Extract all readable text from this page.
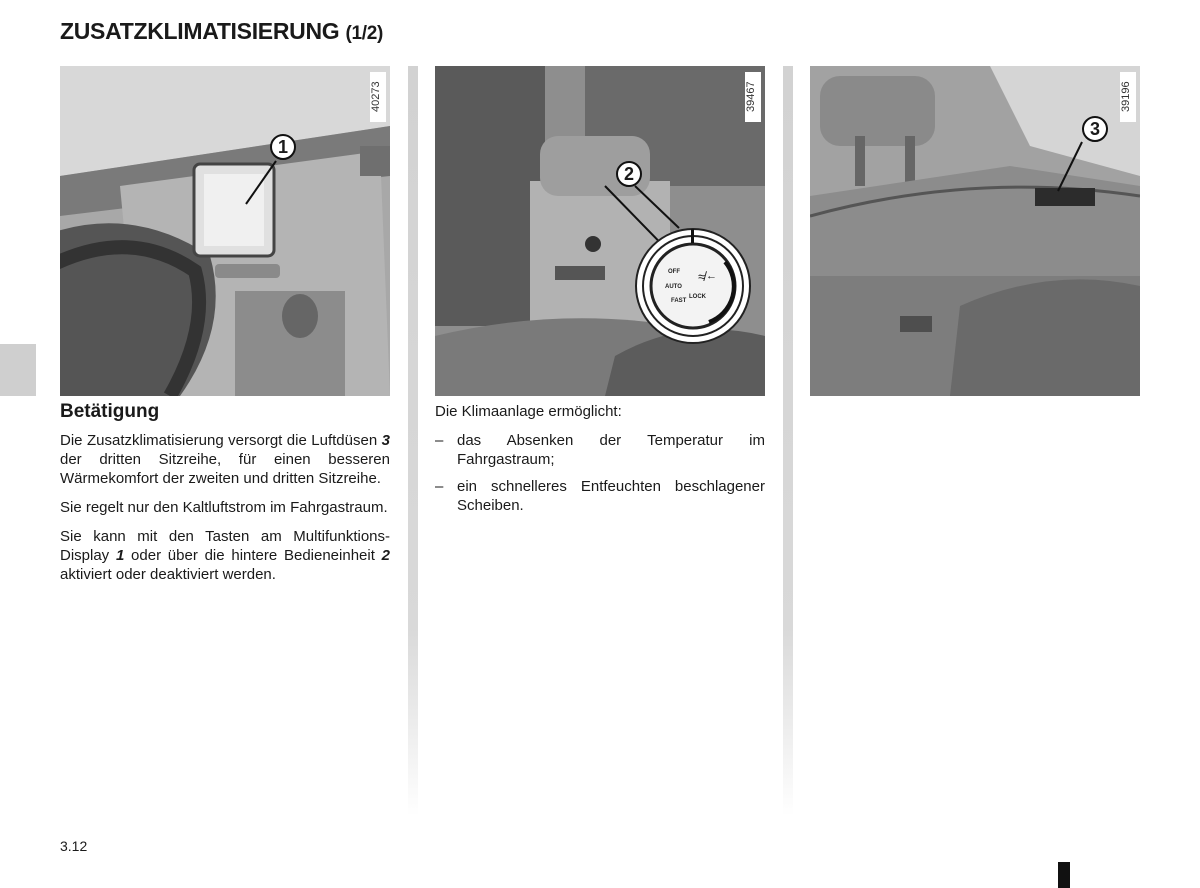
ZUSATZKLIMATISIERUNG (1/2)
1
40273
OFF
AUTO
FAST
LOCK
≉ ←
2
39467
3
39196
Betätigung

Die Zusatzklimatisierung versorgt die Luftdüsen 3 der dritten Sitzreihe, für einen besseren Wärmekomfort der zweiten und dritten Sitzreihe.

Sie regelt nur den Kaltluftstrom im Fahrgastraum.

Sie kann mit den Tasten am Multifunktions-Display 1 oder über die hintere Bedieneinheit 2 aktiviert oder deaktiviert werden.

Die Klimaanlage ermöglicht:

– das Absenken der Temperatur im Fahrgastraum;
– ein schnelleres Entfeuchten beschlagener Scheiben.
3.12
